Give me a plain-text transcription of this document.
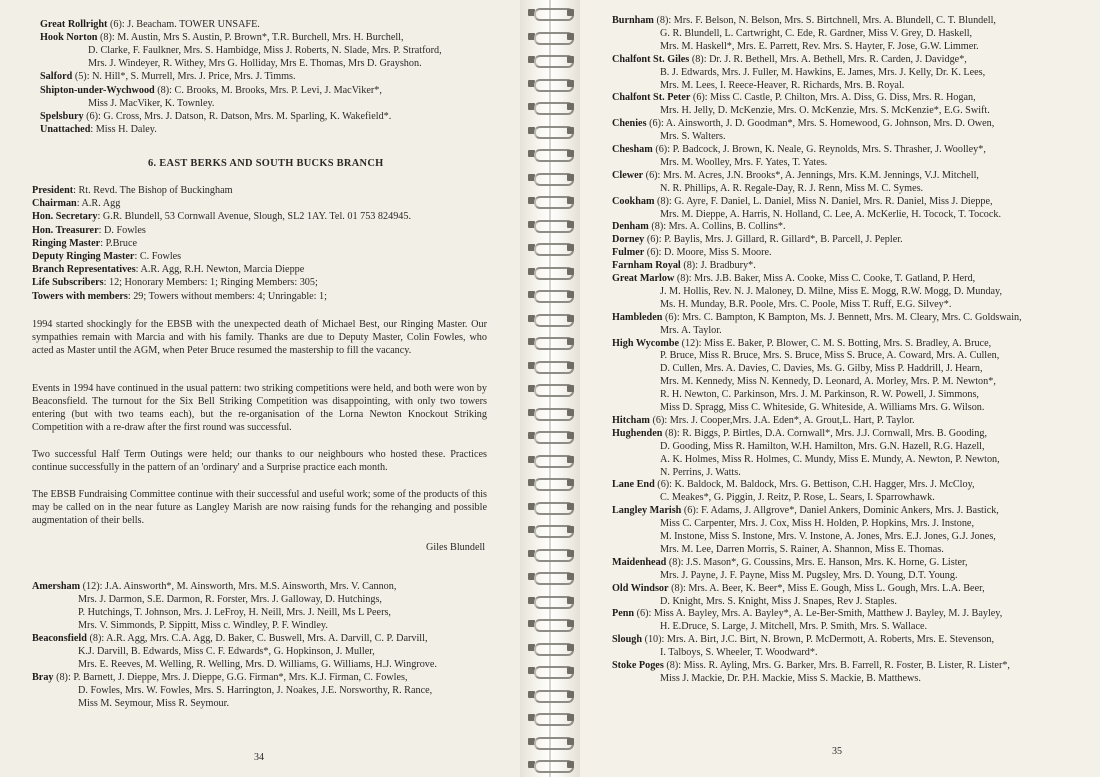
Great Rollright (6): J. Beacham. TOWER UNSAFE.
Hook Norton (8): M. Austin, Mrs S. Austin, P. Brown*, T.R. Burchell, Mrs. H. Burchell,
D. Clarke, F. Faulkner, Mrs. S. Hambidge, Miss J. Roberts, N. Slade, Mrs. P. Stratford,
Mrs. J. Windeyer, R. Withey, Mrs G. Holliday, Mrs E. Thomas, Mrs D. Grayshon.
Salford (5): N. Hill*, S. Murrell, Mrs. J. Price, Mrs. J. Timms.
Shipton-under-Wychwood (8): C. Brooks, M. Brooks, Mrs. P. Levi, J. MacViker*,
Miss J. MacViker, K. Townley.
Spelsbury (6): G. Cross, Mrs. J. Datson, R. Datson, Mrs. M. Sparling, K. Wakefield*.
Unattached: Miss H. Daley.
6. EAST BERKS AND SOUTH BUCKS BRANCH
President: Rt. Revd. The Bishop of Buckingham
Chairman: A.R. Agg
Hon. Secretary: G.R. Blundell, 53 Cornwall Avenue, Slough, SL2 1AY. Tel. 01 753 824945.
Hon. Treasurer: D. Fowles
Ringing Master: P.Bruce
Deputy Ringing Master: C. Fowles
Branch Representatives: A.R. Agg, R.H. Newton, Marcia Dieppe
Life Subscribers: 12; Honorary Members: 1; Ringing Members: 305;
Towers with members: 29; Towers without members: 4; Unringable: 1;
1994 started shockingly for the EBSB with the unexpected death of Michael Best, our Ringing Master. Our sympathies remain with Marcia and with his family. Thanks are due to Deputy Master, Colin Fowles, who acted as Master until the AGM, when Peter Bruce resumed the mastership to fill the vacancy.
Events in 1994 have continued in the usual pattern: two striking competitions were held, and both were won by Beaconsfield. The turnout for the Six Bell Striking Competition was disappointing, with only two towers entering (but with two teams each), but the re-organisation of the Lorna Newton Knockout Striking Competition with a re-draw after the first round was successful.
Two successful Half Term Outings were held; our thanks to our neighbours who hosted these. Practices continue successfully in the pattern of an 'ordinary' and a Surprise practice each month.
The EBSB Fundraising Committee continue with their successful and useful work; some of the products of this may be called on in the near future as Langley Marish are now raising funds for the rehanging and possible augmentation of their bells.
Giles Blundell
Amersham (12): J.A. Ainsworth*, M. Ainsworth, Mrs. M.S. Ainsworth, Mrs. V. Cannon,
Mrs. J. Darmon, S.E. Darmon, R. Forster, Mrs. J. Galloway, D. Hutchings,
P. Hutchings, T. Johnson, Mrs. J. LeFroy, H. Neill, Mrs. J. Neill, Ms L Peers,
Mrs. V. Simmonds, P. Sippitt, Miss c. Windley, P. F. Windley.
Beaconsfield (8): A.R. Agg, Mrs. C.A. Agg, D. Baker, C. Buswell, Mrs. A. Darvill, C. P. Darvill,
K.J. Darvill, B. Edwards, Miss C. F. Edwards*, G. Hopkinson, J. Muller,
Mrs. E. Reeves, M. Welling, R. Welling, Mrs. D. Williams, G. Williams, H.J. Wingrove.
Bray (8): P. Barnett, J. Dieppe, Mrs. J. Dieppe, G.G. Firman*, Mrs. K.J. Firman, C. Fowles,
D. Fowles, Mrs. W. Fowles, Mrs. S. Harrington, J. Noakes, J.E. Norsworthy, R. Rance,
Miss M. Seymour, Miss R. Seymour.
34
Burnham (8): Mrs. F. Belson, N. Belson, Mrs. S. Birtchnell, Mrs. A. Blundell, C. T. Blundell,
G. R. Blundell, L. Cartwright, C. Ede, R. Gardner, Miss V. Grey, D. Haskell,
Mrs. M. Haskell*, Mrs. E. Parrett, Rev. Mrs. S. Hayter, F. Jose, G.W. Limmer.
Chalfont St. Giles (8): Dr. J. R. Bethell, Mrs. A. Bethell, Mrs. R. Carden, J. Davidge*,
B. J. Edwards, Mrs. J. Fuller, M. Hawkins, E. James, Mrs. J. Kelly, Dr. K. Lees,
Mrs. M. Lees, I. Reece-Heaver, R. Richards, Mrs. B. Royal.
Chalfont St. Peter (6): Miss C. Castle, P. Chilton, Mrs. A. Diss, G. Diss, Mrs. R. Hogan,
Mrs. H. Jelly, D. McKenzie, Mrs. O. McKenzie, Mrs. S. McKenzie*, E.G. Swift.
Chenies (6): A. Ainsworth, J. D. Goodman*, Mrs. S. Homewood, G. Johnson, Mrs. D. Owen,
Mrs. S. Walters.
Chesham (6): P. Badcock, J. Brown, K. Neale, G. Reynolds, Mrs. S. Thrasher, J. Woolley*,
Mrs. M. Woolley, Mrs. F. Yates, T. Yates.
Clewer (6): Mrs. M. Acres, J.N. Brooks*, A. Jennings, Mrs. K.M. Jennings, V.J. Mitchell,
N. R. Phillips, A. R. Regale-Day, R. J. Renn, Miss M. C. Symes.
Cookham (8): G. Ayre, F. Daniel, L. Daniel, Miss N. Daniel, Mrs. R. Daniel, Miss J. Dieppe,
Mrs. M. Dieppe, A. Harris, N. Holland, C. Lee, A. McKerlie, H. Tocock, T. Tocock.
Denham (8): Mrs. A. Collins, B. Collins*.
Dorney (6): P. Baylis, Mrs. J. Gillard, R. Gillard*, B. Parcell, J. Pepler.
Fulmer (6): D. Moore, Miss S. Moore.
Farnham Royal (8): J. Bradbury*.
Great Marlow (8): Mrs. J.B. Baker, Miss A. Cooke, Miss C. Cooke, T. Gatland, P. Herd,
J. M. Hollis, Rev. N. J. Maloney, D. Milne, Miss E. Mogg, R.W. Mogg, D. Munday,
Ms. H. Munday, B.R. Poole, Mrs. C. Poole, Miss T. Ruff, E.G. Silvey*.
Hambleden (6): Mrs. C. Bampton, K Bampton, Ms. J. Bennett, Mrs. M. Cleary, Mrs. C. Goldswain,
Mrs. A. Taylor.
High Wycombe (12): Miss E. Baker, P. Blower, C. M. S. Botting, Mrs. S. Bradley, A. Bruce,
P. Bruce, Miss R. Bruce, Mrs. S. Bruce, Miss S. Bruce, A. Coward, Mrs. A. Cullen,
D. Cullen, Mrs. A. Davies, C. Davies, Ms. G. Gilby, Miss P. Haddrill, J. Hearn,
Mrs. M. Kennedy, Miss N. Kennedy, D. Leonard, A. Morley, Mrs. P. M. Newton*,
R. H. Newton, C. Parkinson, Mrs. J. M. Parkinson, R. W. Powell, J. Simmons,
Miss D. Spragg, Miss C. Whiteside, G. Whiteside, A. Williams Mrs. G. Wilson.
Hitcham (6): Mrs. J. Cooper,Mrs. J.A. Eden*, A. Grout,L. Hart, P. Taylor.
Hughenden (8): R. Biggs, P. Birtles, D.A. Cornwall*, Mrs. J.J. Cornwall, Mrs. B. Gooding,
D. Gooding, Miss R. Hamilton, W.H. Hamilton, Mrs. G.N. Hazell, R.G. Hazell,
A. K. Holmes, Miss R. Holmes, C. Mundy, Miss E. Mundy, A. Newton, P. Newton,
N. Perrins, J. Watts.
Lane End (6): K. Baldock, M. Baldock, Mrs. G. Bettison, C.H. Hagger, Mrs. J. McCloy,
C. Meakes*, G. Piggin, J. Reitz, P. Rose, L. Sears, I. Sparrowhawk.
Langley Marish (6): F. Adams, J. Allgrove*, Daniel Ankers, Dominic Ankers, Mrs. J. Bastick,
Miss C. Carpenter, Mrs. J. Cox, Miss H. Holden, P. Hopkins, Mrs. J. Instone,
M. Instone, Miss S. Instone, Mrs. V. Instone, A. Jones, Mrs. E.J. Jones, G.J. Jones,
Mrs. M. Lee, Darren Morris, S. Rainer, A. Shannon, Miss E. Thomas.
Maidenhead (8): J.S. Mason*, G. Coussins, Mrs. E. Hanson, Mrs. K. Horne, G. Lister,
Mrs. J. Payne, J. F. Payne, Miss M. Pugsley, Mrs. D. Young, D.T. Young.
Old Windsor (8): Mrs. A. Beer, K. Beer*, Miss E. Gough, Miss L. Gough, Mrs. L.A. Beer,
D. Knight, Mrs. S. Knight, Miss J. Snapes, Rev J. Staples.
Penn (6): Miss A. Bayley, Mrs. A. Bayley*, A. Le-Ber-Smith, Matthew J. Bayley, M. J. Bayley,
H. E.Druce, S. Large, J. Mitchell, Mrs. P. Smith, Mrs. S. Wallace.
Slough (10): Mrs. A. Birt, J.C. Birt, N. Brown, P. McDermott, A. Roberts, Mrs. E. Stevenson,
I. Talboys, S. Wheeler, T. Woodward*.
Stoke Poges (8): Miss. R. Ayling, Mrs. G. Barker, Mrs. B. Farrell, R. Foster, B. Lister, R. Lister*,
Miss J. Mackie, Dr. P.H. Mackie, Miss S. Mackie, B. Matthews.
35
